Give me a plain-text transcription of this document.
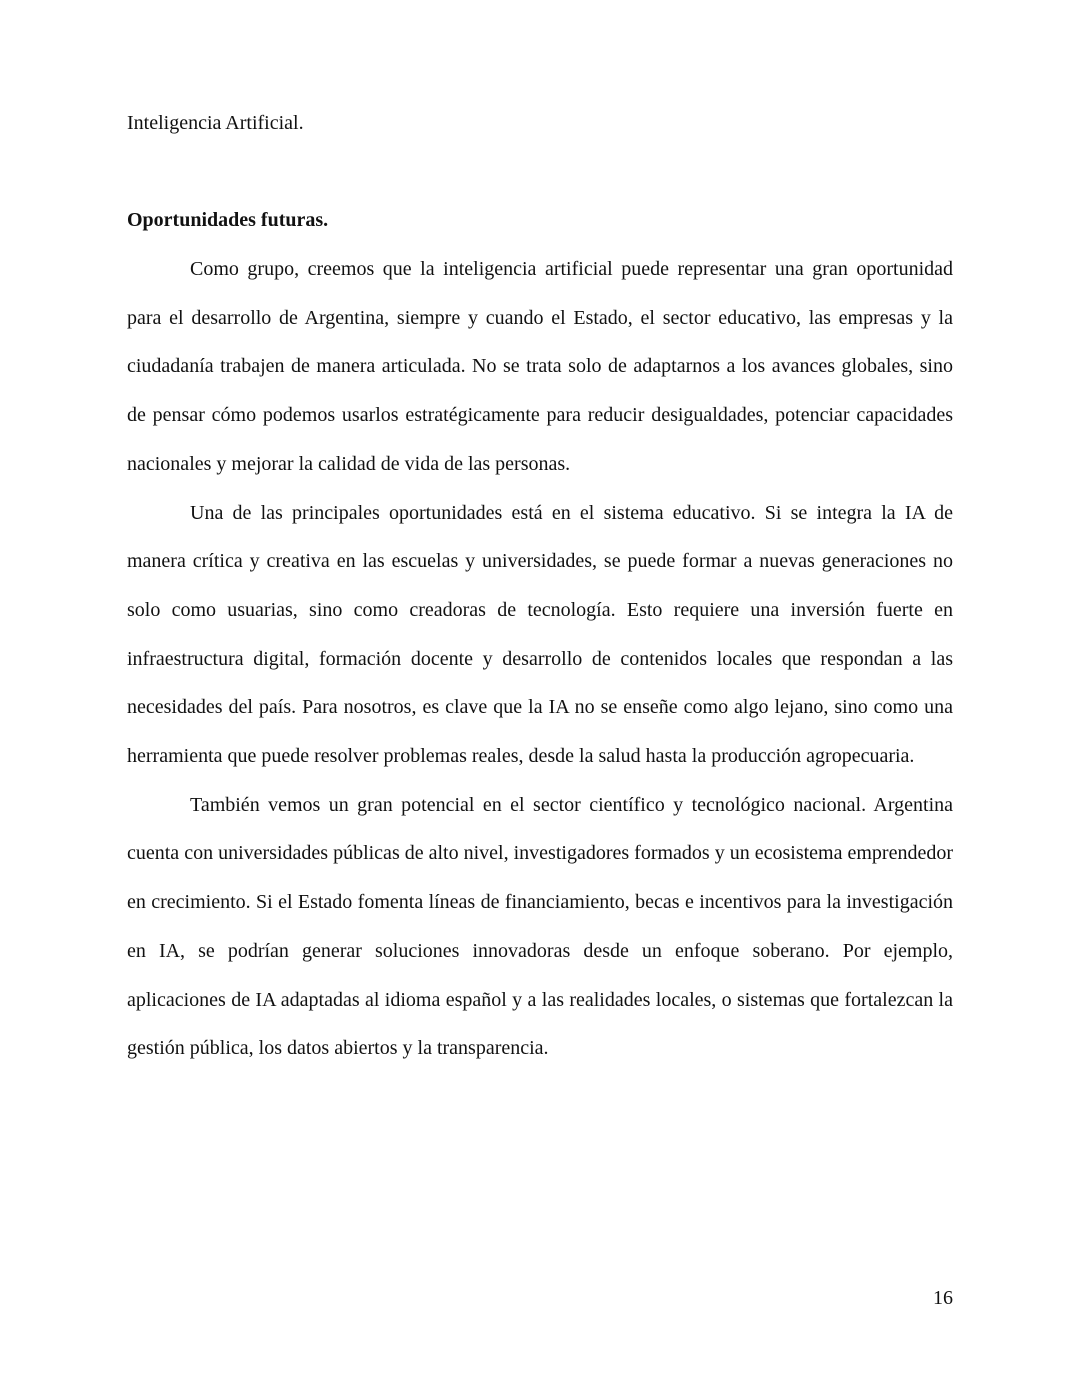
Inteligencia Artificial.

Oportunidades futuras.

Como grupo, creemos que la inteligencia artificial puede representar una gran oportunidad para el desarrollo de Argentina, siempre y cuando el Estado, el sector educativo, las empresas y la ciudadanía trabajen de manera articulada. No se trata solo de adaptarnos a los avances globales, sino de pensar cómo podemos usarlos estratégicamente para reducir desigualdades, potenciar capacidades nacionales y mejorar la calidad de vida de las personas.

Una de las principales oportunidades está en el sistema educativo. Si se integra la IA de manera crítica y creativa en las escuelas y universidades, se puede formar a nuevas generaciones no solo como usuarias, sino como creadoras de tecnología. Esto requiere una inversión fuerte en infraestructura digital, formación docente y desarrollo de contenidos locales que respondan a las necesidades del país. Para nosotros, es clave que la IA no se enseñe como algo lejano, sino como una herramienta que puede resolver problemas reales, desde la salud hasta la producción agropecuaria.

También vemos un gran potencial en el sector científico y tecnológico nacional. Argentina cuenta con universidades públicas de alto nivel, investigadores formados y un ecosistema emprendedor en crecimiento. Si el Estado fomenta líneas de financiamiento, becas e incentivos para la investigación en IA, se podrían generar soluciones innovadoras desde un enfoque soberano. Por ejemplo, aplicaciones de IA adaptadas al idioma español y a las realidades locales, o sistemas que fortalezcan la gestión pública, los datos abiertos y la transparencia.

16
